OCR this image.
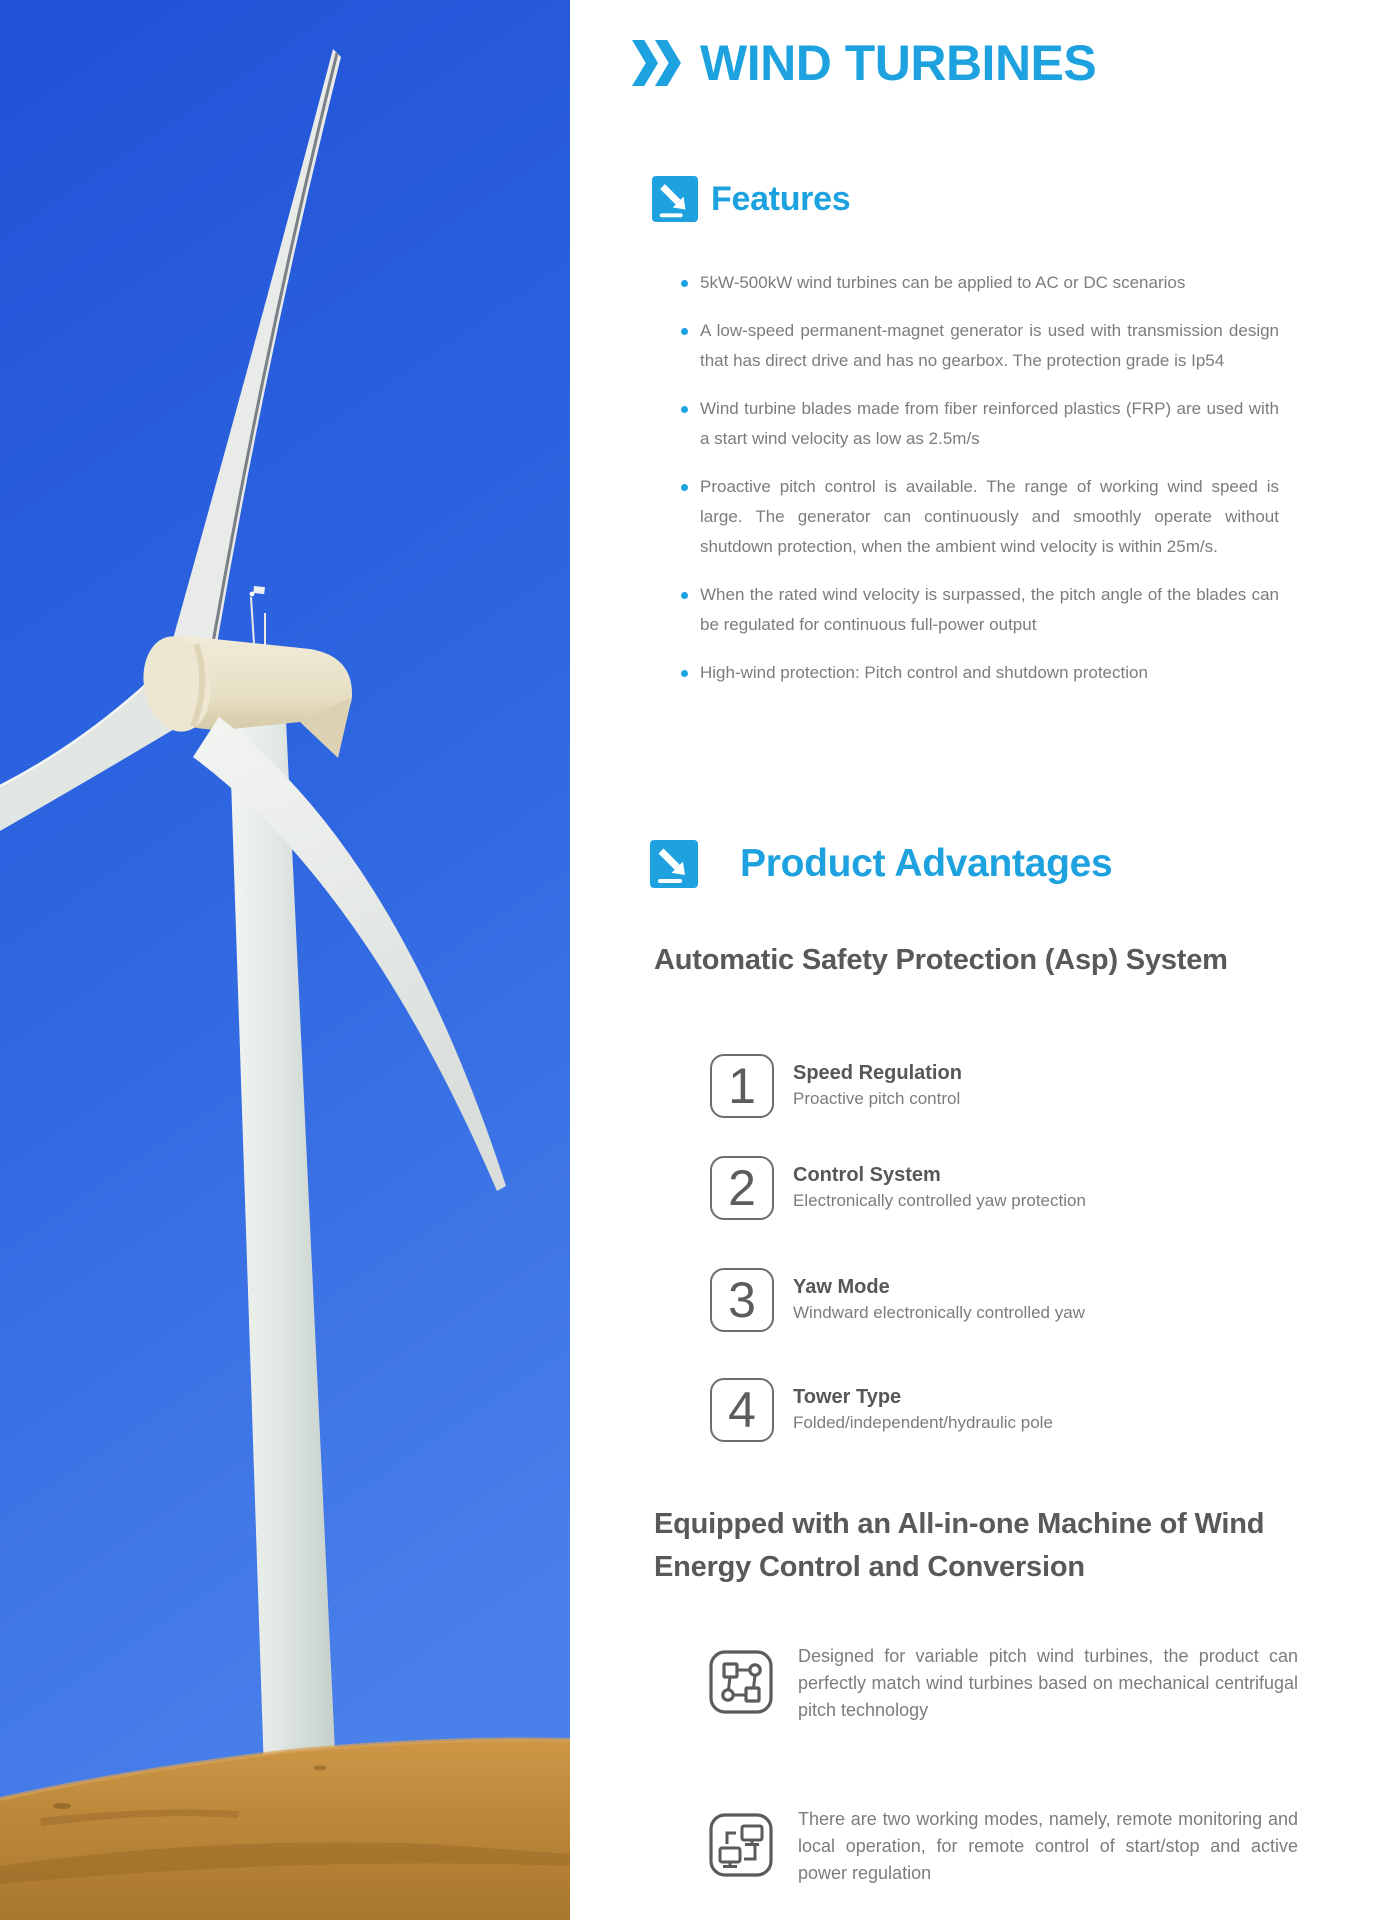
WIND TURBINES
Features
5kW-500kW wind turbines can be applied to AC or DC scenarios
A low-speed permanent-magnet generator is used with transmission design that has direct drive and has no gearbox. The protection grade is Ip54
Wind turbine blades made from fiber reinforced plastics (FRP) are used with a start wind velocity as low as 2.5m/s
Proactive pitch control is available. The range of working wind speed is large. The generator can continuously and smoothly operate without shutdown protection, when the ambient wind velocity is within 25m/s.
When the rated wind velocity is surpassed, the pitch angle of the blades can be regulated for continuous full-power output
High-wind protection: Pitch control and shutdown protection
Product Advantages
Automatic Safety Protection (Asp) System
1	Speed Regulation
Proactive pitch control
2	Control System
Electronically controlled yaw protection
3	Yaw Mode
Windward electronically controlled yaw
4	Tower Type
Folded/independent/hydraulic pole
Equipped with an All-in-one Machine of Wind Energy Control and Conversion

Designed for variable pitch wind turbines, the product can perfectly match wind turbines based on mechanical centrifugal pitch technology

There are two working modes, namely, remote monitoring and local operation, for remote control of start/stop and active power regulation
